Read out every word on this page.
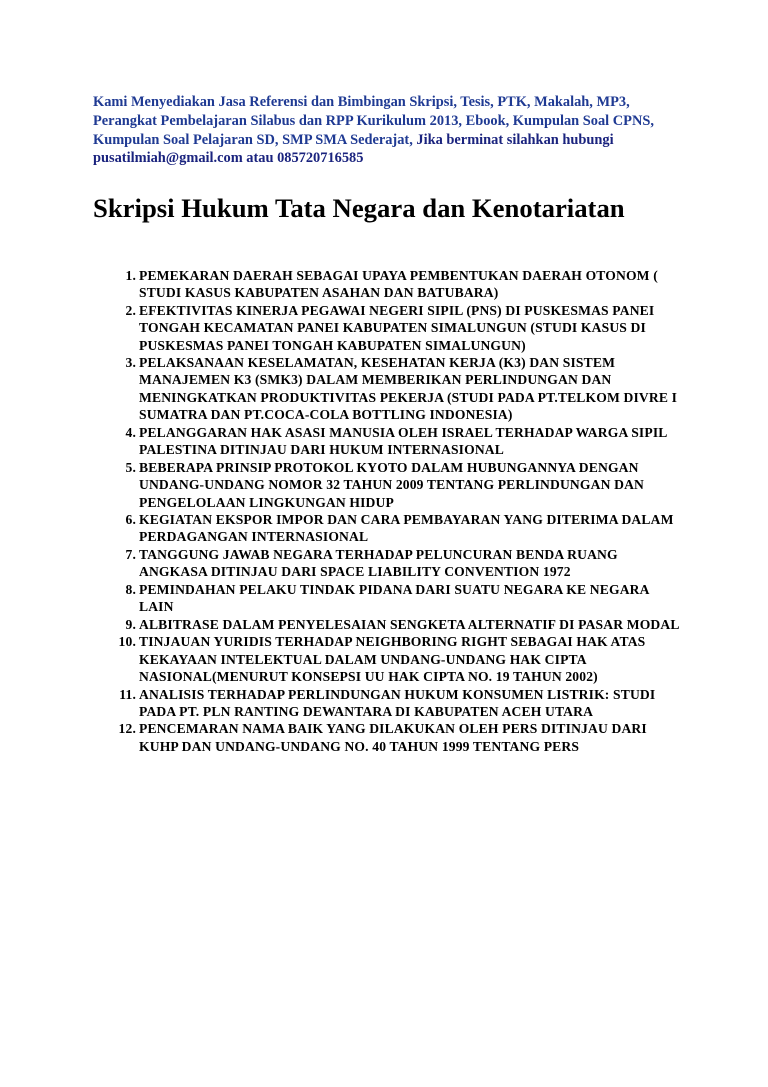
Kami Menyediakan Jasa Referensi dan Bimbingan Skripsi, Tesis, PTK, Makalah, MP3, Perangkat Pembelajaran Silabus dan RPP Kurikulum 2013, Ebook, Kumpulan Soal CPNS, Kumpulan Soal Pelajaran SD, SMP SMA Sederajat, Jika berminat silahkan hubungi pusatilmiah@gmail.com atau 085720716585

Skripsi Hukum Tata Negara dan Kenotariatan
1. PEMEKARAN DAERAH SEBAGAI UPAYA PEMBENTUKAN DAERAH OTONOM ( STUDI KASUS KABUPATEN ASAHAN DAN BATUBARA)
2. EFEKTIVITAS KINERJA PEGAWAI NEGERI SIPIL (PNS) DI PUSKESMAS PANEI TONGAH KECAMATAN PANEI KABUPATEN SIMALUNGUN (STUDI KASUS DI PUSKESMAS PANEI TONGAH KABUPATEN SIMALUNGUN)
3. PELAKSANAAN KESELAMATAN, KESEHATAN KERJA (K3) DAN SISTEM MANAJEMEN K3 (SMK3) DALAM MEMBERIKAN PERLINDUNGAN DAN MENINGKATKAN PRODUKTIVITAS PEKERJA (STUDI PADA PT.TELKOM DIVRE I SUMATRA DAN PT.COCA-COLA BOTTLING INDONESIA)
4. PELANGGARAN HAK ASASI MANUSIA OLEH ISRAEL TERHADAP WARGA SIPIL PALESTINA DITINJAU DARI HUKUM INTERNASIONAL
5. BEBERAPA PRINSIP PROTOKOL KYOTO DALAM HUBUNGANNYA DENGAN UNDANG-UNDANG NOMOR 32 TAHUN 2009 TENTANG PERLINDUNGAN DAN PENGELOLAAN LINGKUNGAN HIDUP
6. KEGIATAN EKSPOR IMPOR DAN CARA PEMBAYARAN YANG DITERIMA DALAM PERDAGANGAN INTERNASIONAL
7. TANGGUNG JAWAB NEGARA TERHADAP PELUNCURAN BENDA RUANG ANGKASA DITINJAU DARI SPACE LIABILITY CONVENTION 1972
8. PEMINDAHAN PELAKU TINDAK PIDANA DARI SUATU NEGARA KE NEGARA LAIN
9. ALBITRASE DALAM PENYELESAIAN SENGKETA ALTERNATIF DI PASAR MODAL
10. TINJAUAN YURIDIS TERHADAP NEIGHBORING RIGHT SEBAGAI HAK ATAS KEKAYAAN INTELEKTUAL DALAM UNDANG-UNDANG HAK CIPTA NASIONAL(MENURUT KONSEPSI UU HAK CIPTA NO. 19 TAHUN 2002)
11. ANALISIS TERHADAP PERLINDUNGAN HUKUM KONSUMEN LISTRIK: STUDI PADA PT. PLN RANTING DEWANTARA DI KABUPATEN ACEH UTARA
12. PENCEMARAN NAMA BAIK YANG DILAKUKAN OLEH PERS DITINJAU DARI KUHP DAN UNDANG-UNDANG NO. 40 TAHUN 1999 TENTANG PERS
